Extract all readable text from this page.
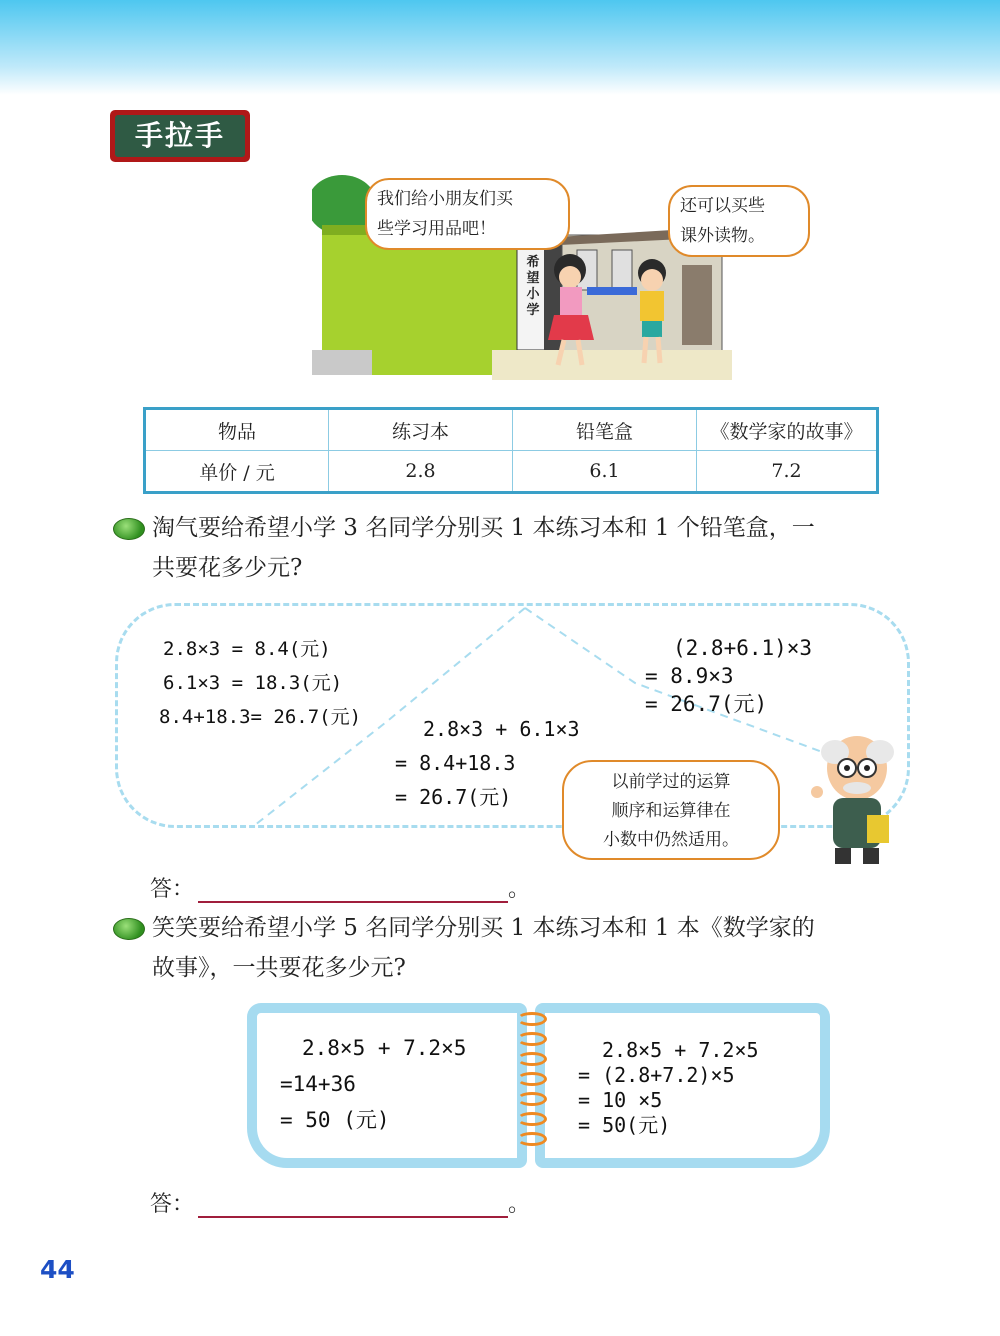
手拉手
希
望
小
学
我们给小朋友们买
些学习用品吧！
还可以买些
课外读物。
物品	练习本	铅笔盒	《数学家的故事》
单价 / 元	2.8	6.1	7.2
淘气要给希望小学 3 名同学分别买 1 本练习本和 1 个铅笔盒，一
共要花多少元?
2.8×3 = 8.4(元)
6.1×3 = 18.3(元)
8.4+18.3= 26.7(元)	2.8×3 + 6.1×3
= 8.4+18.3
= 26.7(元)
(2.8+6.1)×3
= 8.9×3
= 26.7(元)
以前学过的运算
顺序和运算律在
小数中仍然适用。
答：	。
笑笑要给希望小学 5 名同学分别买 1 本练习本和 1 本《数学家的
故事》，一共要花多少元?
2.8×5 + 7.2×5
=14+36
= 50 (元)
2.8×5 + 7.2×5
= (2.8+7.2)×5
= 10 ×5
= 50(元)
答：	。
44
